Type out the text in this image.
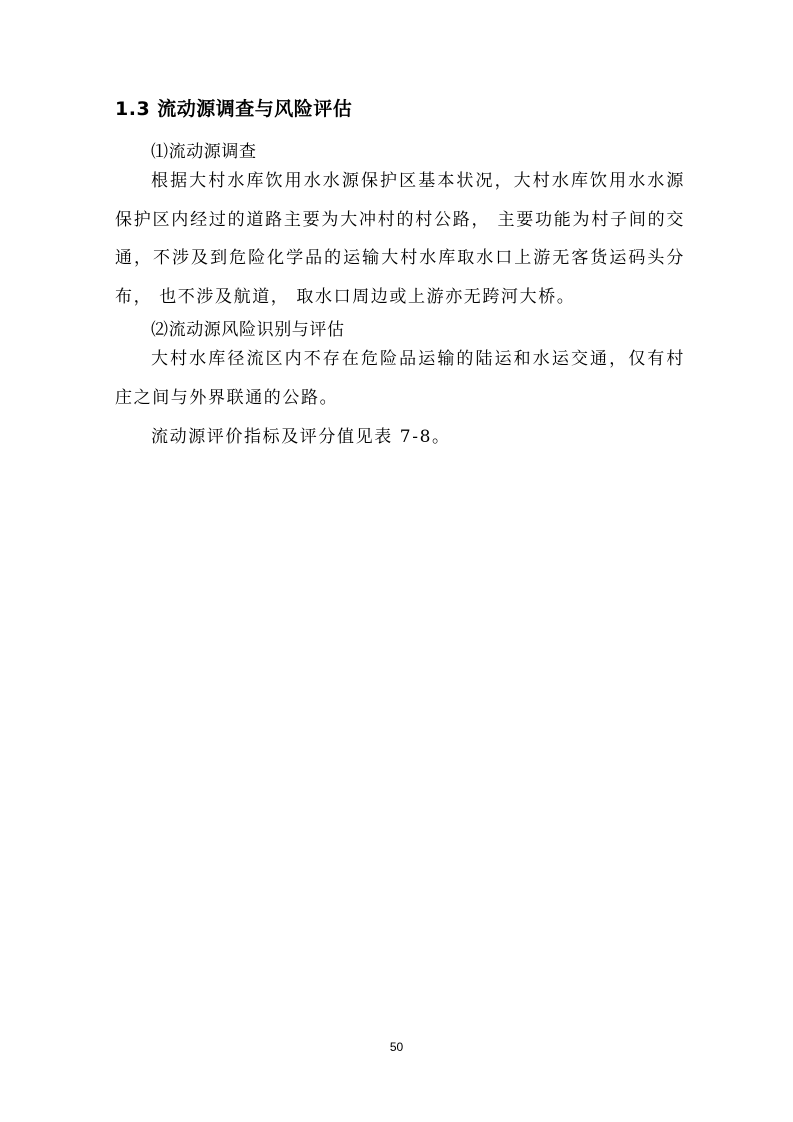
1.3 流动源调查与风险评估
⑴流动源调查

根据大村水库饮用水水源保护区基本状况，大村水库饮用水水源保护区内经过的道路主要为大冲村的村公路， 主要功能为村子间的交通，不涉及到危险化学品的运输大村水库取水口上游无客货运码头分布， 也不涉及航道， 取水口周边或上游亦无跨河大桥。

⑵流动源风险识别与评估

大村水库径流区内不存在危险品运输的陆运和水运交通，仅有村庄之间与外界联通的公路。

流动源评价指标及评分值见表 7-8。

50
